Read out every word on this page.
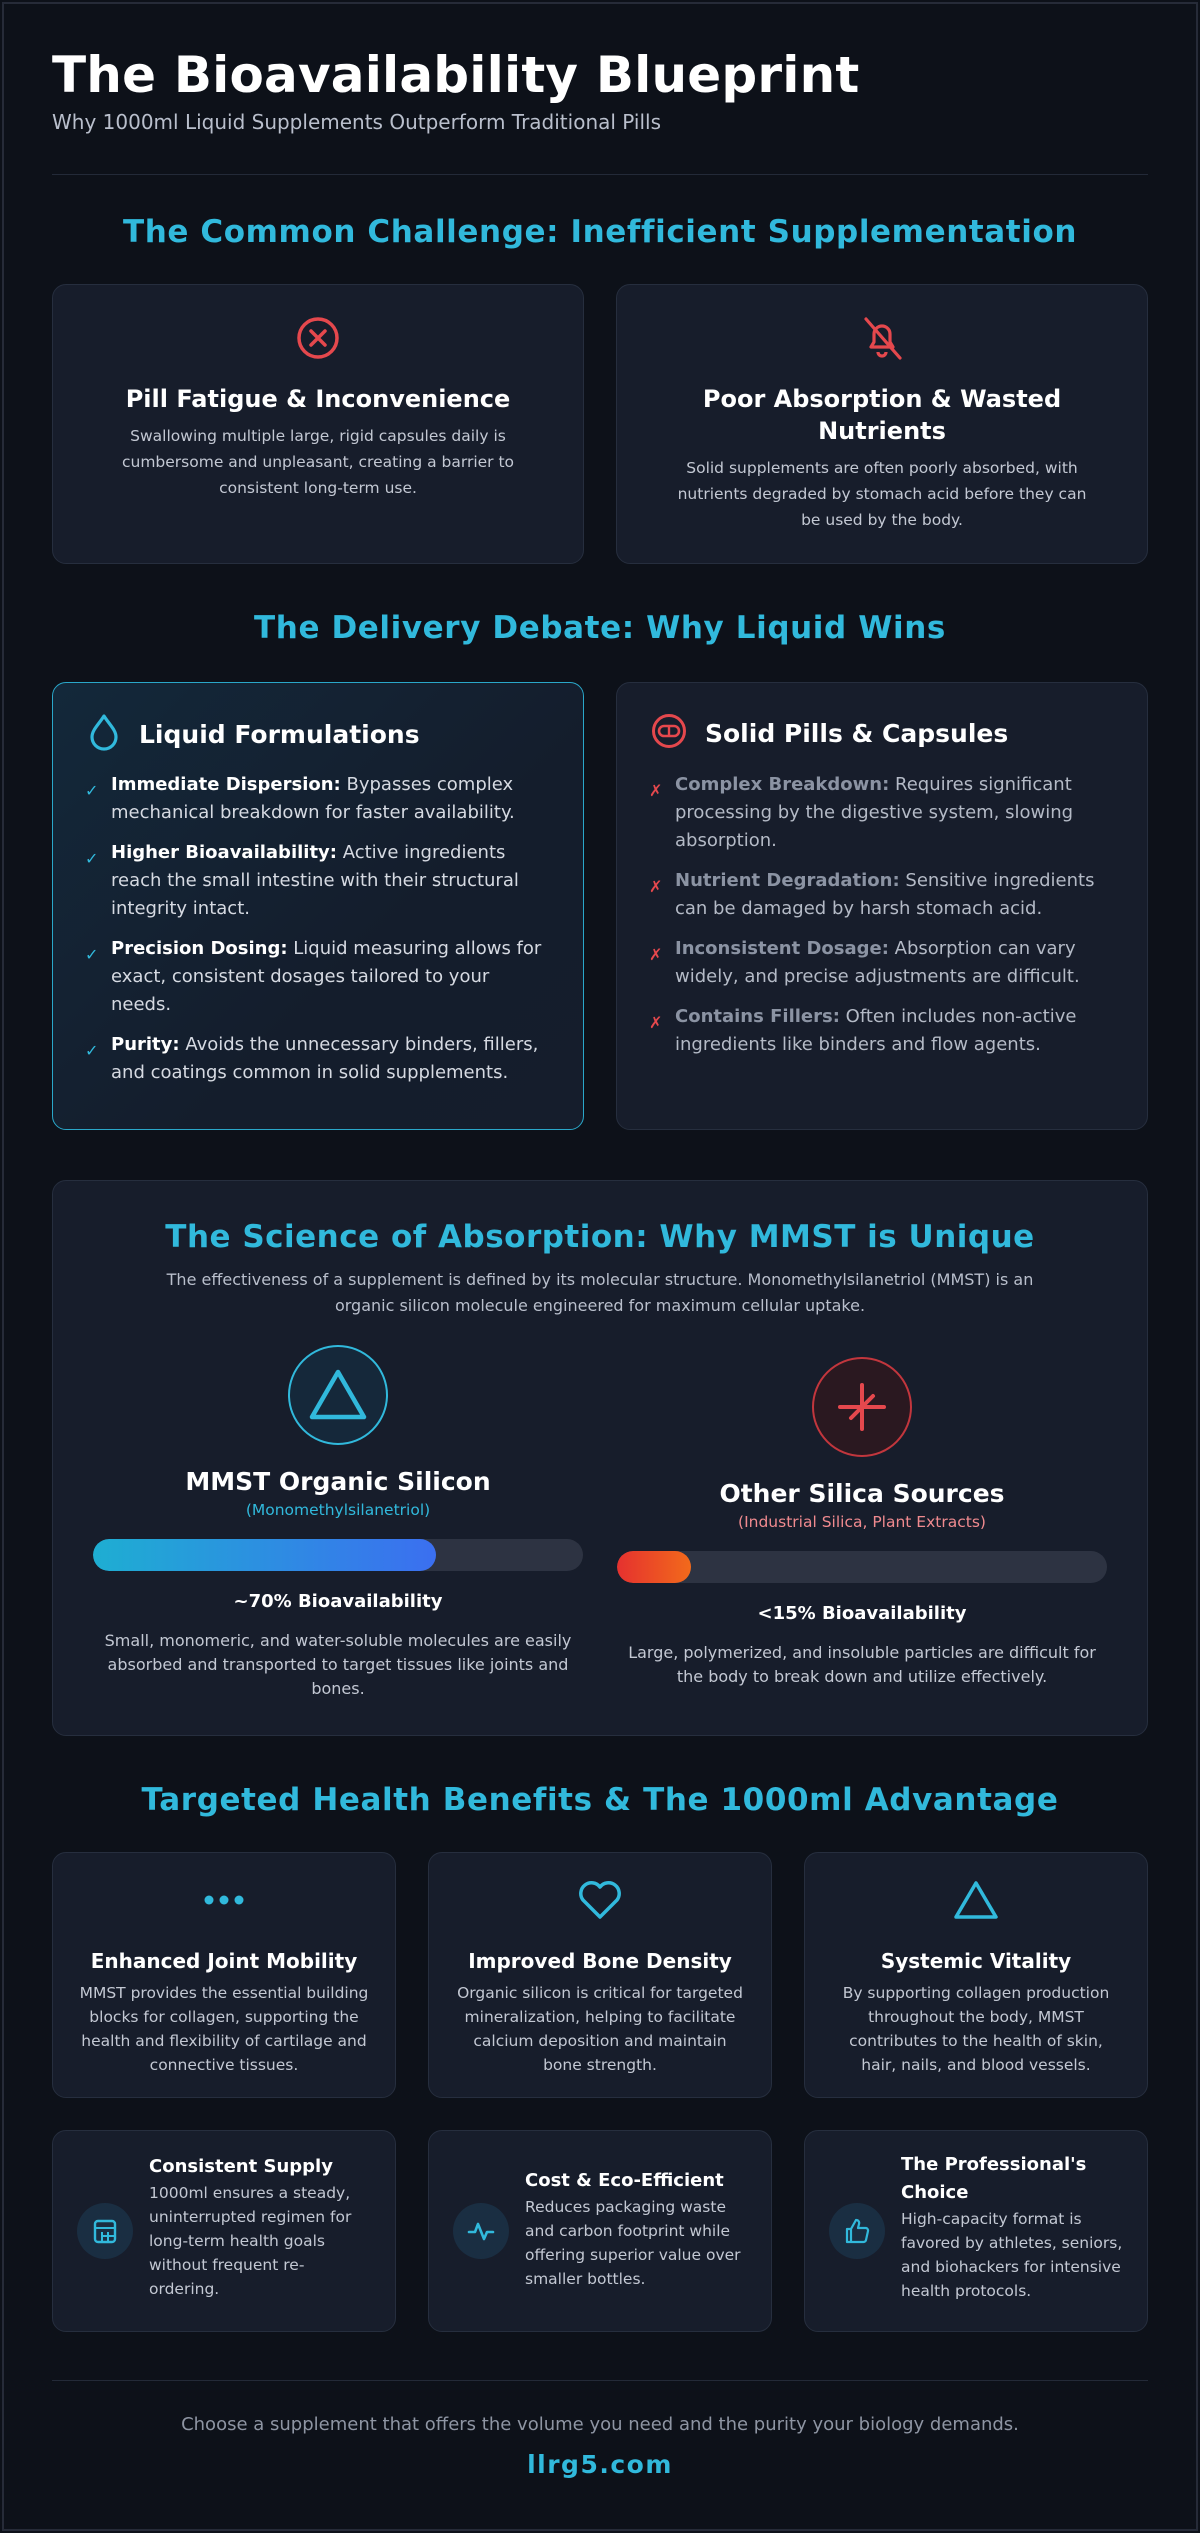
The Bioavailability Blueprint
Why 1000ml Liquid Supplements Outperform Traditional Pills
The Common Challenge: Inefficient Supplementation
Pill Fatigue & Inconvenience
Swallowing multiple large, rigid capsules daily is cumbersome and unpleasant, creating a barrier to consistent long-term use.
Poor Absorption & Wasted Nutrients
Solid supplements are often poorly absorbed, with nutrients degraded by stomach acid before they can be used by the body.
The Delivery Debate: Why Liquid Wins
Liquid Formulations
✓ Immediate Dispersion: Bypasses complex mechanical breakdown for faster availability.
✓ Higher Bioavailability: Active ingredients reach the small intestine with their structural integrity intact.
✓ Precision Dosing: Liquid measuring allows for exact, consistent dosages tailored to your needs.
✓ Purity: Avoids the unnecessary binders, fillers, and coatings common in solid supplements.
Solid Pills & Capsules
✗ Complex Breakdown: Requires significant processing by the digestive system, slowing absorption.
✗ Nutrient Degradation: Sensitive ingredients can be damaged by harsh stomach acid.
✗ Inconsistent Dosage: Absorption can vary widely, and precise adjustments are difficult.
✗ Contains Fillers: Often includes non-active ingredients like binders and flow agents.
The Science of Absorption: Why MMST is Unique
The effectiveness of a supplement is defined by its molecular structure. Monomethylsilanetriol (MMST) is an organic silicon molecule engineered for maximum cellular uptake.
MMST Organic Silicon
(Monomethylsilanetriol)
~70% Bioavailability
Small, monomeric, and water-soluble molecules are easily absorbed and transported to target tissues like joints and bones.
Other Silica Sources
(Industrial Silica, Plant Extracts)
<15% Bioavailability
Large, polymerized, and insoluble particles are difficult for the body to break down and utilize effectively.
Targeted Health Benefits & The 1000ml Advantage
Enhanced Joint Mobility
MMST provides the essential building blocks for collagen, supporting the health and flexibility of cartilage and connective tissues.
Improved Bone Density
Organic silicon is critical for targeted mineralization, helping to facilitate calcium deposition and maintain bone strength.
Systemic Vitality
By supporting collagen production throughout the body, MMST contributes to the health of skin, hair, nails, and blood vessels.
Consistent Supply
1000ml ensures a steady, uninterrupted regimen for long-term health goals without frequent re-ordering.
Cost & Eco-Efficient
Reduces packaging waste and carbon footprint while offering superior value over smaller bottles.
The Professional's Choice
High-capacity format is favored by athletes, seniors, and biohackers for intensive health protocols.
Choose a supplement that offers the volume you need and the purity your biology demands.
llrg5.com
